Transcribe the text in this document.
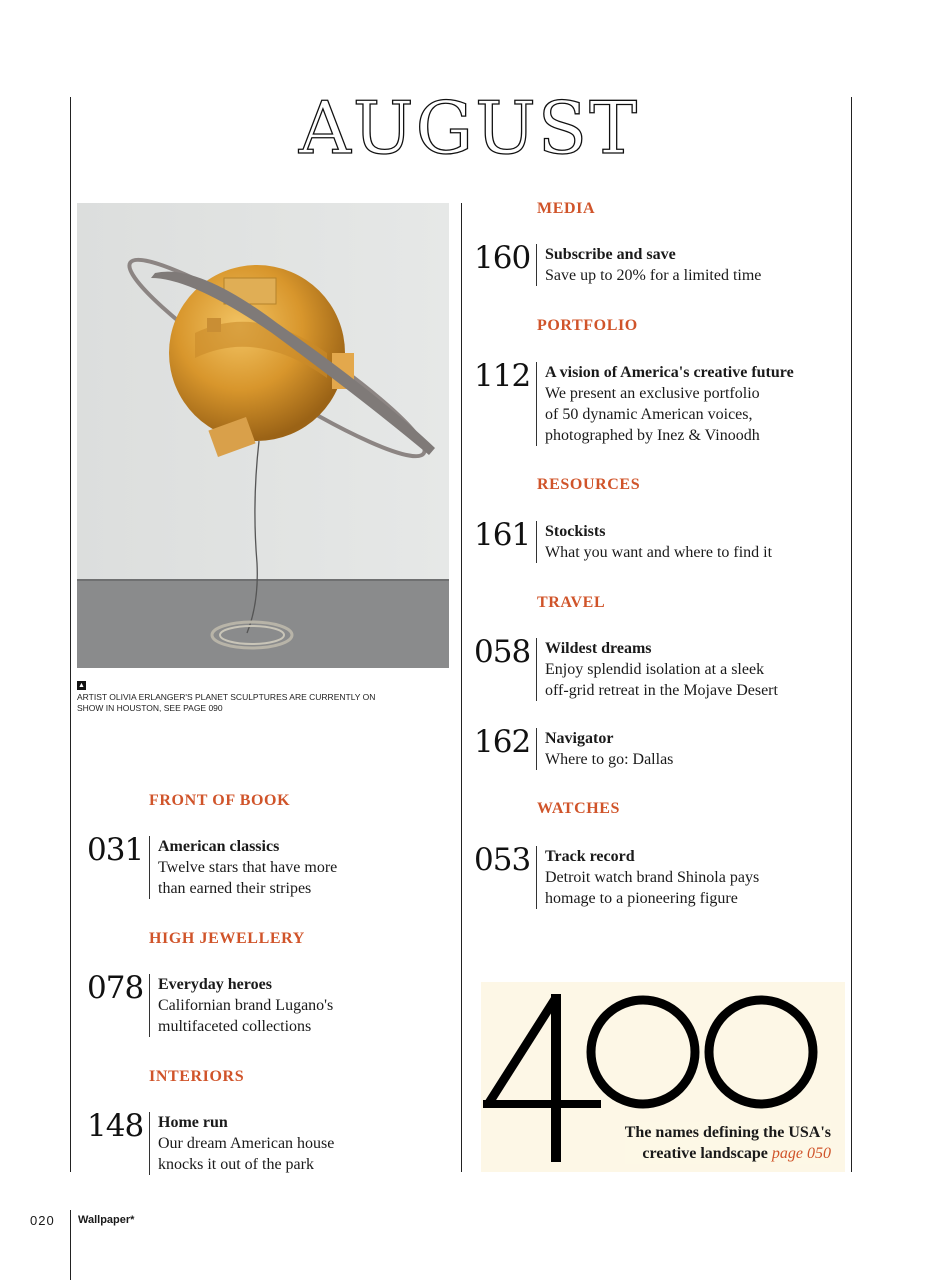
AUGUST
▲
ARTIST OLIVIA ERLANGER'S PLANET SCULPTURES ARE CURRENTLY ON SHOW IN HOUSTON, SEE PAGE 090
FRONT OF BOOK
031 American classics
Twelve stars that have more
than earned their stripes
HIGH JEWELLERY
078 Everyday heroes
Californian brand Lugano's
multifaceted collections
INTERIORS
148 Home run
Our dream American house
knocks it out of the park
MEDIA
160 Subscribe and save
Save up to 20% for a limited time
PORTFOLIO
112 A vision of America's creative future
We present an exclusive portfolio
of 50 dynamic American voices,
photographed by Inez & Vinoodh
RESOURCES
161 Stockists
What you want and where to find it
TRAVEL
058 Wildest dreams
Enjoy splendid isolation at a sleek
off-grid retreat in the Mojave Desert
162 Navigator
Where to go: Dallas
WATCHES
053 Track record
Detroit watch brand Shinola pays
homage to a pioneering figure
The names defining the USA's
creative landscape page 050
020 Wallpaper*
